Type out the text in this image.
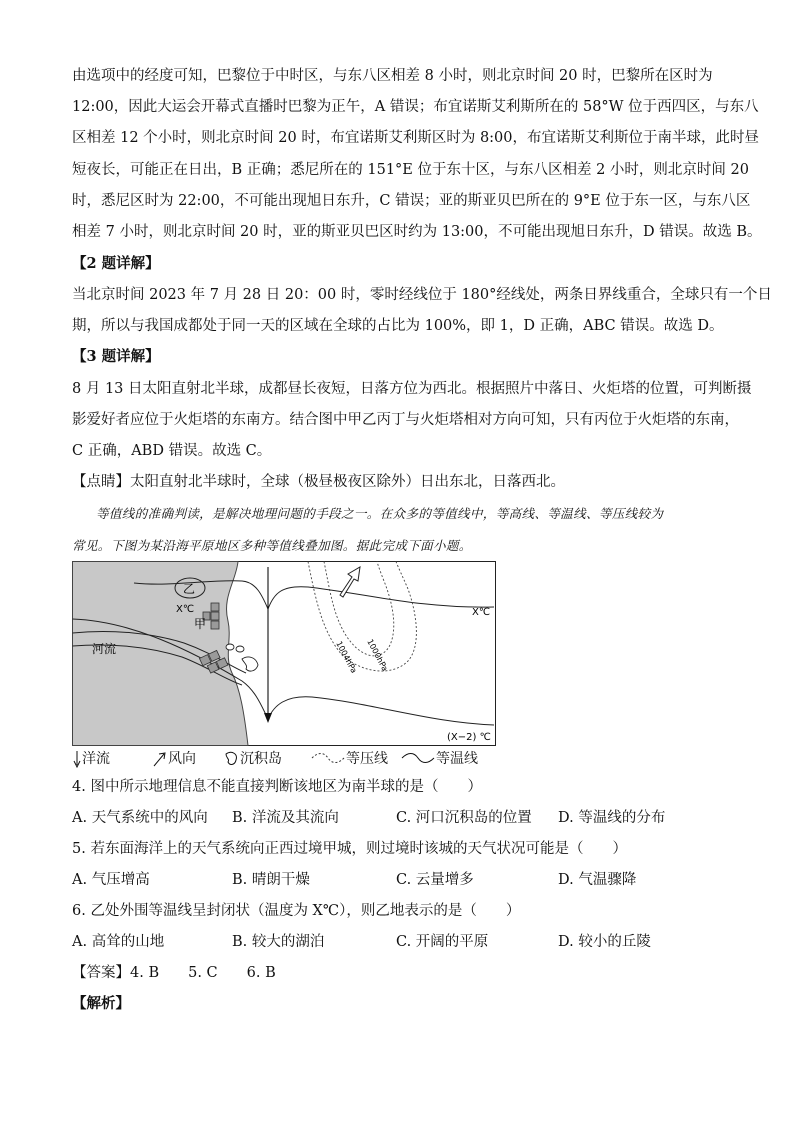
由选项中的经度可知，巴黎位于中时区，与东八区相差 8 小时，则北京时间 20 时，巴黎所在区时为
12:00，因此大运会开幕式直播时巴黎为正午，A 错误；布宜诺斯艾利斯所在的 58°W 位于西四区，与东八
区相差 12 个小时，则北京时间 20 时，布宜诺斯艾利斯区时为 8:00，布宜诺斯艾利斯位于南半球，此时昼
短夜长，可能正在日出，B 正确；悉尼所在的 151°E 位于东十区，与东八区相差 2 小时，则北京时间 20
时，悉尼区时为 22:00，不可能出现旭日东升，C 错误；亚的斯亚贝巴所在的 9°E 位于东一区，与东八区
相差 7 小时，则北京时间 20 时，亚的斯亚贝巴区时约为 13:00，不可能出现旭日东升，D 错误。故选 B。
【2 题详解】
当北京时间 2023 年 7 月 28 日 20：00 时，零时经线位于 180°经线处，两条日界线重合，全球只有一个日
期，所以与我国成都处于同一天的区域在全球的占比为 100%，即 1，D 正确，ABC 错误。故选 D。
【3 题详解】
8 月 13 日太阳直射北半球，成都昼长夜短，日落方位为西北。根据照片中落日、火炬塔的位置，可判断摄
影爱好者应位于火炬塔的东南方。结合图中甲乙丙丁与火炬塔相对方向可知，只有丙位于火炬塔的东南，
C 正确，ABD 错误。故选 C。
【点睛】太阳直射北半球时，全球（极昼极夜区除外）日出东北，日落西北。
等值线的准确判读，是解决地理问题的手段之一。在众多的等值线中，等高线、等温线、等压线较为
常见。下图为某沿海平原地区多种等值线叠加图。据此完成下面小题。
乙
X℃
甲
河流	1000hPa
1004hPa
X℃
(X−2) ℃
洋流	风向	沉积岛	等压线	等温线
4. 图中所示地理信息不能直接判断该地区为南半球的是（　　）
A. 天气系统中的风向 B. 洋流及其流向	C. 河口沉积岛的位置 D. 等温线的分布
5. 若东面海洋上的天气系统向正西过境甲城，则过境时该城的天气状况可能是（　　）
A. 气压增高	B. 晴朗干燥	C. 云量增多	D. 气温骤降
6. 乙处外围等温线呈封闭状（温度为 X℃），则乙地表示的是（　　）
A. 高耸的山地	B. 较大的湖泊	C. 开阔的平原	D. 较小的丘陵
【答案】4. B　　5. C　　6. B
【解析】
